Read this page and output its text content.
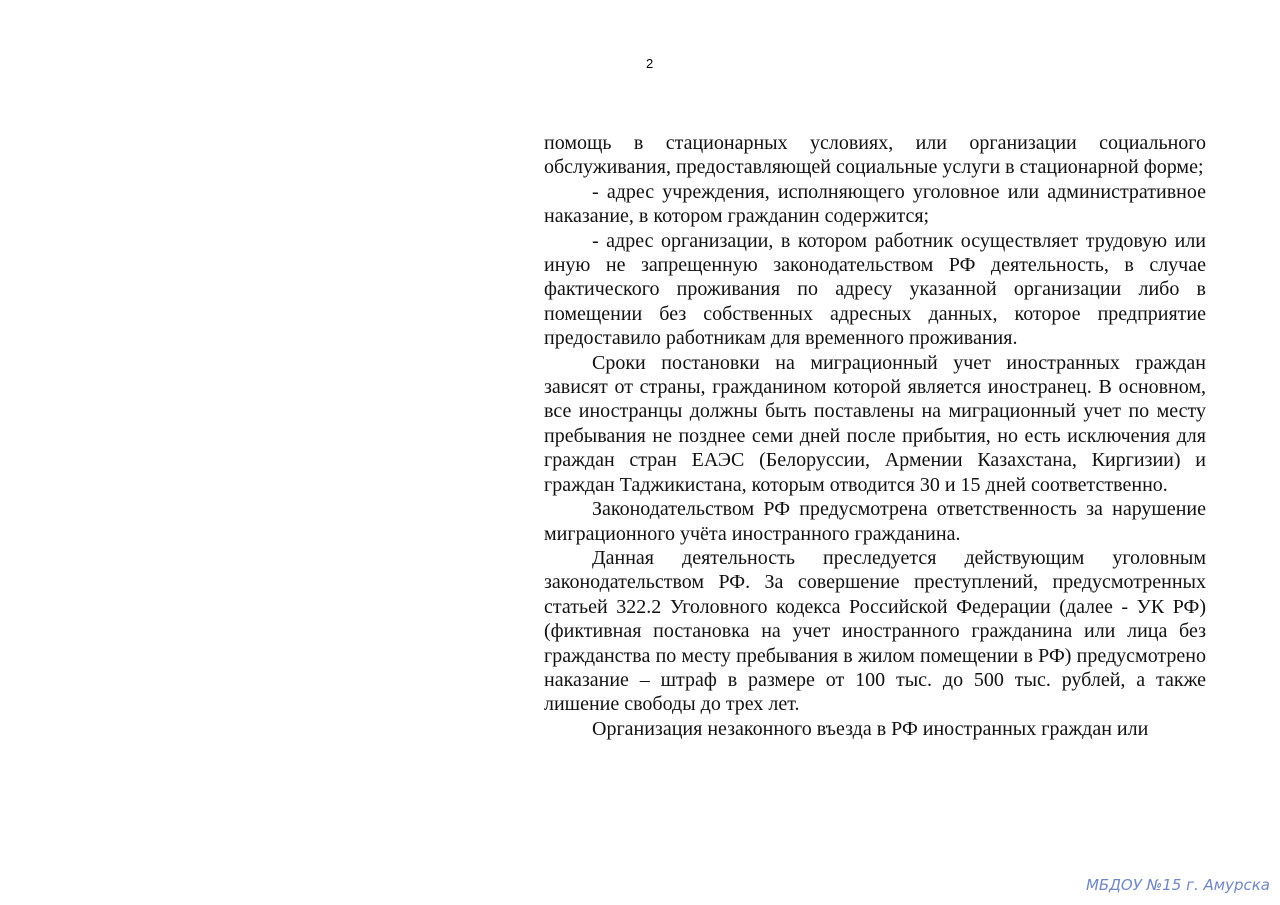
2

помощь в стационарных условиях, или организации социального обслуживания, предоставляющей социальные услуги в стационарной форме;

- адрес учреждения, исполняющего уголовное или административное наказание, в котором гражданин содержится;

- адрес организации, в котором работник осуществляет трудовую или иную не запрещенную законодательством РФ деятельность, в случае фактического проживания по адресу указанной организации либо в помещении без собственных адресных данных, которое предприятие предоставило работникам для временного проживания.

Сроки постановки на миграционный учет иностранных граждан зависят от страны, гражданином которой является иностранец. В основном, все иностранцы должны быть поставлены на миграционный учет по месту пребывания не позднее семи дней после прибытия, но есть исключения для граждан стран ЕАЭС (Белоруссии, Армении Казахстана, Киргизии) и граждан Таджикистана, которым отводится 30 и 15 дней соответственно.

Законодательством РФ предусмотрена ответственность за нарушение миграционного учёта иностранного гражданина.

Данная деятельность преследуется действующим уголовным законодательством РФ. За совершение преступлений, предусмотренных статьей 322.2 Уголовного кодекса Российской Федерации (далее - УК РФ) (фиктивная постановка на учет иностранного гражданина или лица без гражданства по месту пребывания в жилом помещении в РФ) предусмотрено наказание – штраф в размере от 100 тыс. до 500 тыс. рублей, а также лишение свободы до трех лет.

Организация незаконного въезда в РФ иностранных граждан или

МБДОУ №15 г. Амурска
